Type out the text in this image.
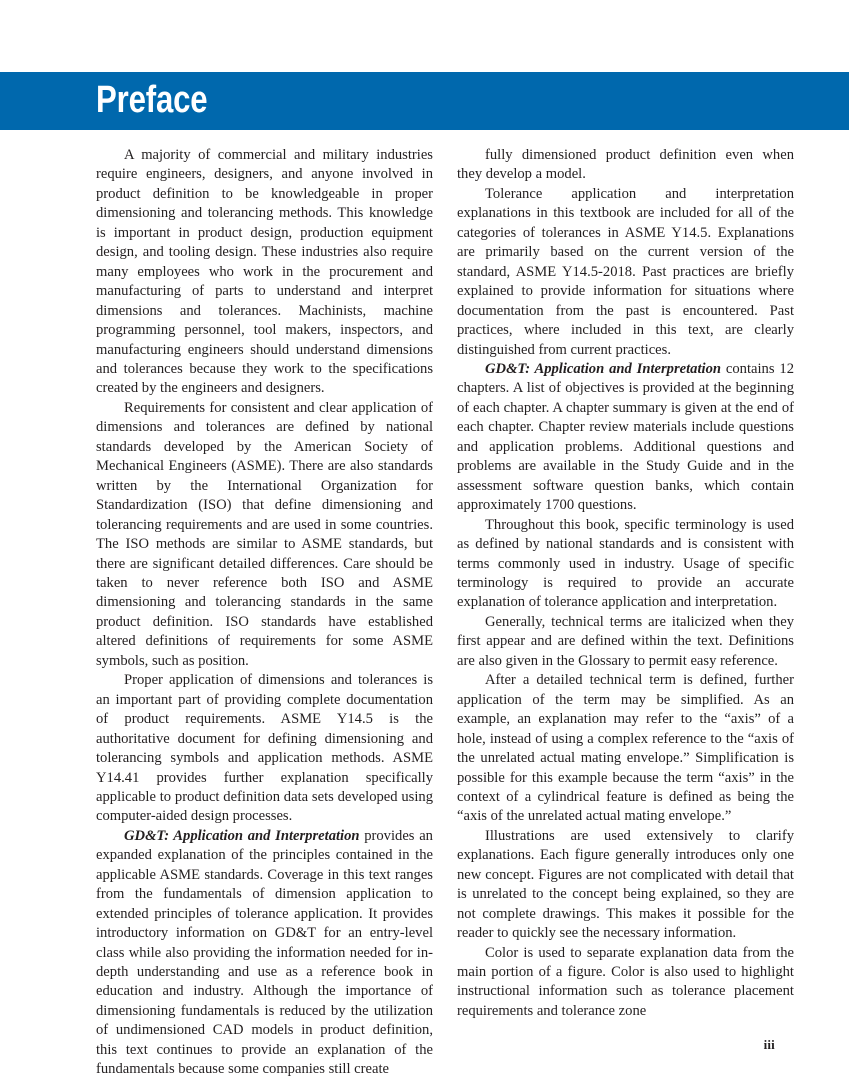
Preface

A majority of commercial and military industries require engineers, designers, and anyone involved in product definition to be knowledgeable in proper dimensioning and tolerancing methods. This knowledge is important in product design, production equipment design, and tooling design. These industries also require many employees who work in the procurement and manufacturing of parts to understand and interpret dimensions and tolerances. Machinists, machine programming personnel, tool makers, inspectors, and manufacturing engineers should understand dimensions and tolerances because they work to the specifications created by the engineers and designers.

Requirements for consistent and clear application of dimensions and tolerances are defined by national standards developed by the American Society of Mechanical Engineers (ASME). There are also standards written by the International Organization for Standardization (ISO) that define dimensioning and tolerancing requirements and are used in some countries. The ISO methods are similar to ASME standards, but there are significant detailed differences. Care should be taken to never reference both ISO and ASME dimensioning and tolerancing standards in the same product definition. ISO standards have established altered definitions of requirements for some ASME symbols, such as position.

Proper application of dimensions and tolerances is an important part of providing complete documentation of product requirements. ASME Y14.5 is the authoritative document for defining dimensioning and tolerancing symbols and application methods. ASME Y14.41 provides further explanation specifically applicable to product definition data sets developed using computer-aided design processes.

GD&T: Application and Interpretation provides an expanded explanation of the principles contained in the applicable ASME standards. Coverage in this text ranges from the fundamentals of dimension application to extended principles of tolerance application. It provides introductory information on GD&T for an entry-level class while also providing the information needed for in-depth understanding and use as a reference book in education and industry. Although the importance of dimensioning fundamentals is reduced by the utilization of undimensioned CAD models in product definition, this text continues to provide an explanation of the fundamentals because some companies still create

fully dimensioned product definition even when they develop a model.

Tolerance application and interpretation explanations in this textbook are included for all of the categories of tolerances in ASME Y14.5. Explanations are primarily based on the current version of the standard, ASME Y14.5-2018. Past practices are briefly explained to provide information for situations where documentation from the past is encountered. Past practices, where included in this text, are clearly distinguished from current practices.

GD&T: Application and Interpretation contains 12 chapters. A list of objectives is provided at the beginning of each chapter. A chapter summary is given at the end of each chapter. Chapter review materials include questions and application problems. Additional questions and problems are available in the Study Guide and in the assessment software question banks, which contain approximately 1700 questions.

Throughout this book, specific terminology is used as defined by national standards and is consistent with terms commonly used in industry. Usage of specific terminology is required to provide an accurate explanation of tolerance application and interpretation.

Generally, technical terms are italicized when they first appear and are defined within the text. Definitions are also given in the Glossary to permit easy reference.

After a detailed technical term is defined, further application of the term may be simplified. As an example, an explanation may refer to the “axis” of a hole, instead of using a complex reference to the “axis of the unrelated actual mating envelope.” Simplification is possible for this example because the term “axis” in the context of a cylindrical feature is defined as being the “axis of the unrelated actual mating envelope.”

Illustrations are used extensively to clarify explanations. Each figure generally introduces only one new concept. Figures are not complicated with detail that is unrelated to the concept being explained, so they are not complete drawings. This makes it possible for the reader to quickly see the necessary information.

Color is used to separate explanation data from the main portion of a figure. Color is also used to highlight instructional information such as tolerance placement requirements and tolerance zone

iii
